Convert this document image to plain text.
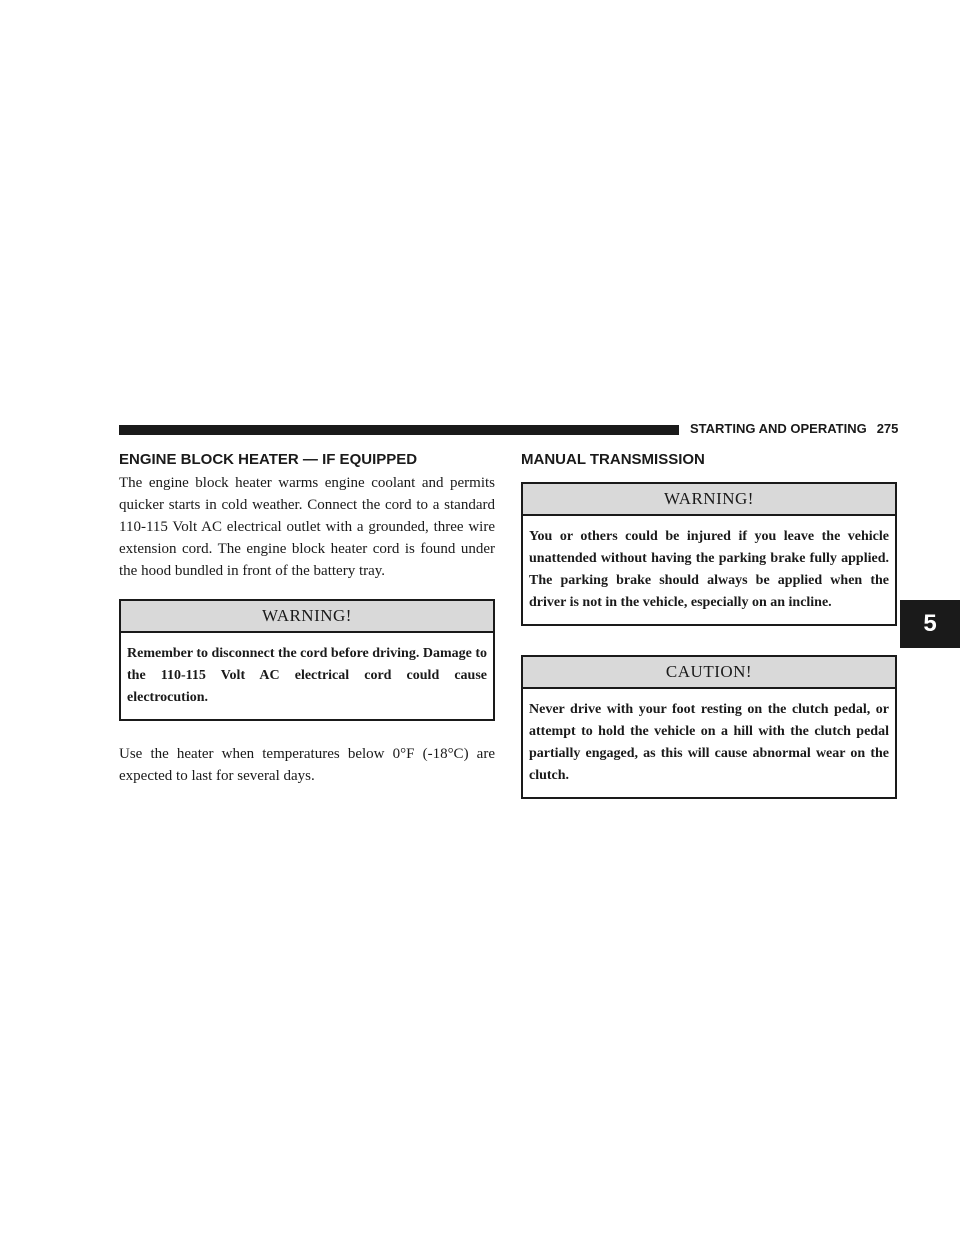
STARTING AND OPERATING 275
5
ENGINE BLOCK HEATER — IF EQUIPPED

The engine block heater warms engine coolant and permits quicker starts in cold weather. Connect the cord to a standard 110-115 Volt AC electrical outlet with a grounded, three wire extension cord. The engine block heater cord is found under the hood bundled in front of the battery tray.

WARNING!
Remember to disconnect the cord before driving. Damage to the 110-115 Volt AC electrical cord could cause electrocution.

Use the heater when temperatures below 0°F (-18°C) are expected to last for several days.

MANUAL TRANSMISSION
WARNING!
You or others could be injured if you leave the vehicle unattended without having the parking brake fully applied. The parking brake should always be applied when the driver is not in the vehicle, especially on an incline.
CAUTION!
Never drive with your foot resting on the clutch pedal, or attempt to hold the vehicle on a hill with the clutch pedal partially engaged, as this will cause abnormal wear on the clutch.
